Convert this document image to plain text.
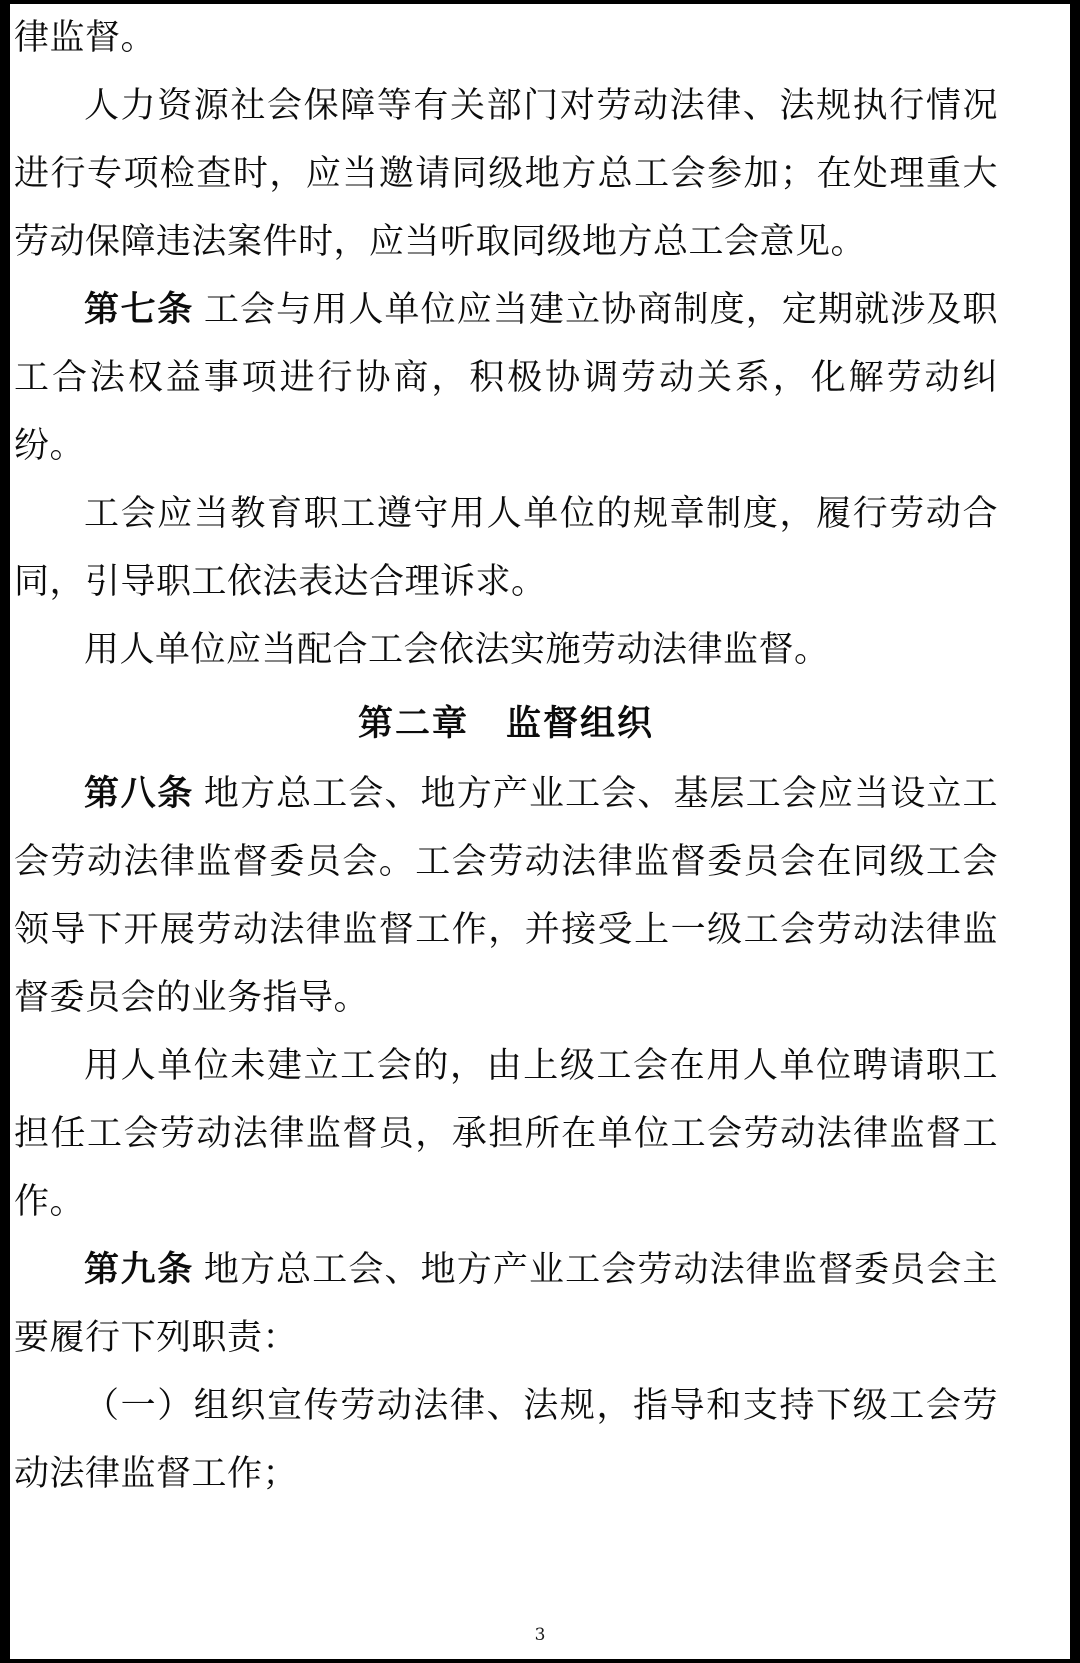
律监督。

人力资源社会保障等有关部门对劳动法律、法规执行情况进行专项检查时，应当邀请同级地方总工会参加；在处理重大劳动保障违法案件时，应当听取同级地方总工会意见。

第七条 工会与用人单位应当建立协商制度，定期就涉及职工合法权益事项进行协商，积极协调劳动关系，化解劳动纠纷。

工会应当教育职工遵守用人单位的规章制度，履行劳动合同，引导职工依法表达合理诉求。

用人单位应当配合工会依法实施劳动法律监督。

第二章　监督组织

第八条 地方总工会、地方产业工会、基层工会应当设立工会劳动法律监督委员会。工会劳动法律监督委员会在同级工会领导下开展劳动法律监督工作，并接受上一级工会劳动法律监督委员会的业务指导。

用人单位未建立工会的，由上级工会在用人单位聘请职工担任工会劳动法律监督员，承担所在单位工会劳动法律监督工作。

第九条 地方总工会、地方产业工会劳动法律监督委员会主要履行下列职责：

（一）组织宣传劳动法律、法规，指导和支持下级工会劳动法律监督工作；

3
